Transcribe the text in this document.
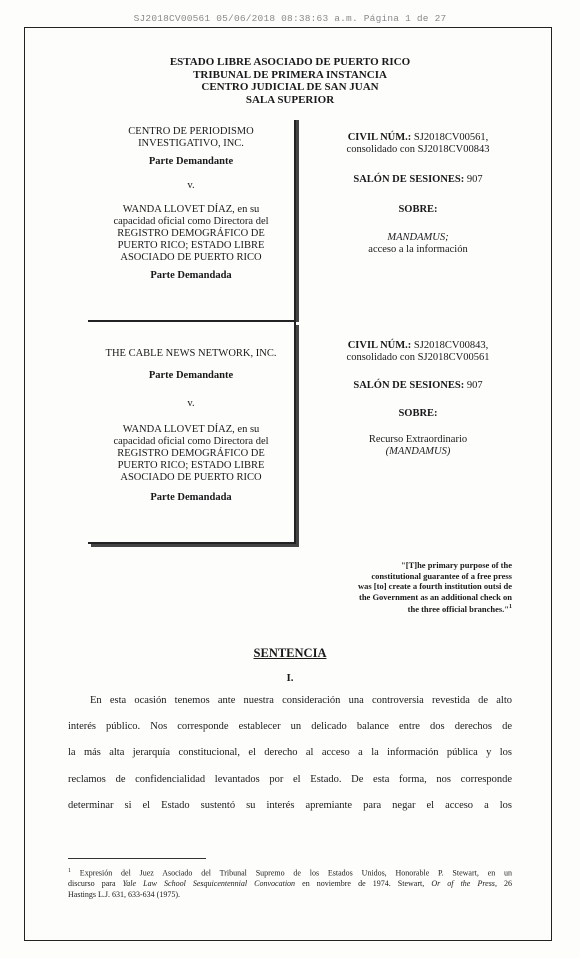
SJ2018CV00561 05/06/2018 08:38:63 a.m. Página 1 de 27
ESTADO LIBRE ASOCIADO DE PUERTO RICO
TRIBUNAL DE PRIMERA INSTANCIA
CENTRO JUDICIAL DE SAN JUAN
SALA SUPERIOR

CENTRO DE PERIODISMO

INVESTIGATIVO, INC.

Parte Demandante

v.

WANDA LLOVET DÍAZ, en su

capacidad oficial como Directora del

REGISTRO DEMOGRÁFICO DE

PUERTO RICO; ESTADO LIBRE

ASOCIADO DE PUERTO RICO

Parte Demandada

CIVIL NÚM.: SJ2018CV00561,
consolidado con SJ2018CV00843
SALÓN DE SESIONES: 907
SOBRE:
MANDAMUS;
acceso a la información

THE CABLE NEWS NETWORK, INC.

Parte Demandante

v.

WANDA LLOVET DÍAZ, en su

capacidad oficial como Directora del

REGISTRO DEMOGRÁFICO DE

PUERTO RICO; ESTADO LIBRE

ASOCIADO DE PUERTO RICO

Parte Demandada

CIVIL NÚM.: SJ2018CV00843,
consolidado con SJ2018CV00561
SALÓN DE SESIONES: 907
SOBRE:
Recurso Extraordinario
(MANDAMUS)
"[T]he primary purpose of the
constitutional guarantee of a free press
was [to] create a fourth institution outsi de
the Government as an additional check on
the three official branches."$^1$
SENTENCIA
I.
En esta ocasión tenemos ante nuestra consideración una controversia revestida de alto
interés público. Nos corresponde establecer un delicado balance entre dos derechos de
la más alta jerarquía constitucional, el derecho al acceso a la información pública y los
reclamos de confidencialidad levantados por el Estado. De esta forma, nos corresponde
determinar si el Estado sustentó su interés apremiante para negar el acceso a los
$^1$ Expresión del Juez Asociado del Tribunal Supremo de los Estados Unidos, Honorable P. Stewart, en un
discurso para Yale Law School Sesquicentennial Convocation en noviembre de 1974. Stewart, Or of the Press, 26
Hastings L.J. 631, 633-634 (1975).
